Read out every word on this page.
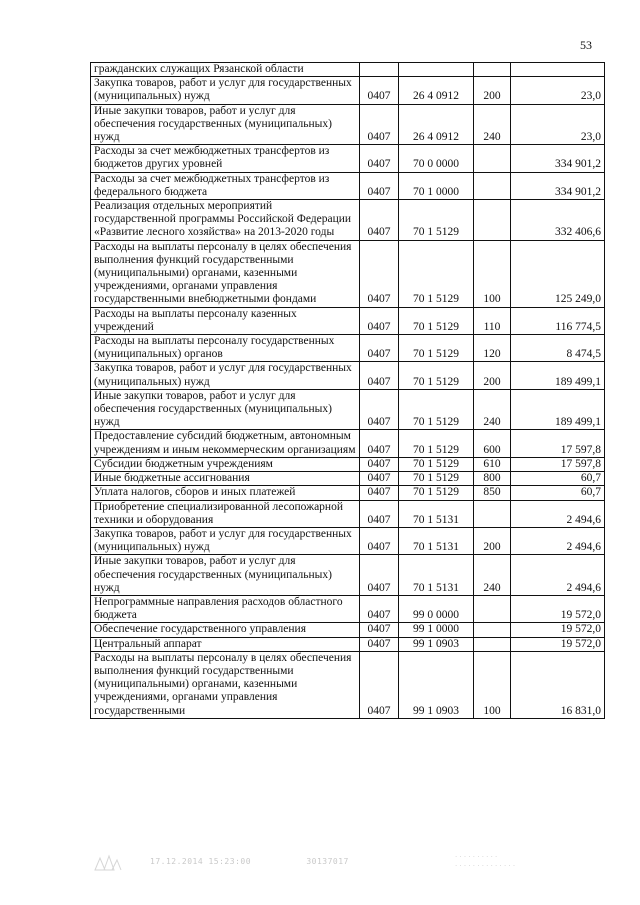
53
гражданских служащих Рязанской области				
Закупка товаров, работ и услуг для государственных (муниципальных) нужд	0407	26 4 0912	200	23,0
Иные закупки товаров, работ и услуг для обеспечения государственных (муниципальных) нужд	0407	26 4 0912	240	23,0
Расходы за счет межбюджетных трансфертов из бюджетов других уровней	0407	70 0 0000		334 901,2
Расходы за счет межбюджетных трансфертов из федерального бюджета	0407	70 1 0000		334 901,2
Реализация отдельных мероприятий государственной программы Российской Федерации «Развитие лесного хозяйства» на 2013-2020 годы	0407	70 1 5129		332 406,6
Расходы на выплаты персоналу в целях обеспечения выполнения функций государственными (муниципальными) органами, казенными учреждениями, органами управления государственными внебюджетными фондами	0407	70 1 5129	100	125 249,0
Расходы на выплаты персоналу казенных учреждений	0407	70 1 5129	110	116 774,5
Расходы на выплаты персоналу государственных (муниципальных) органов	0407	70 1 5129	120	8 474,5
Закупка товаров, работ и услуг для государственных (муниципальных) нужд	0407	70 1 5129	200	189 499,1
Иные закупки товаров, работ и услуг для обеспечения государственных (муниципальных) нужд	0407	70 1 5129	240	189 499,1
Предоставление субсидий бюджетным, автономным учреждениям и иным некоммерческим организациям	0407	70 1 5129	600	17 597,8
Субсидии бюджетным учреждениям	0407	70 1 5129	610	17 597,8
Иные бюджетные ассигнования	0407	70 1 5129	800	60,7
Уплата налогов, сборов и иных платежей	0407	70 1 5129	850	60,7
Приобретение специализированной лесопожарной техники и оборудования	0407	70 1 5131		2 494,6
Закупка товаров, работ и услуг для государственных (муниципальных) нужд	0407	70 1 5131	200	2 494,6
Иные закупки товаров, работ и услуг для обеспечения государственных (муниципальных) нужд	0407	70 1 5131	240	2 494,6
Непрограммные направления расходов областного бюджета	0407	99 0 0000		19 572,0
Обеспечение государственного управления	0407	99 1 0000		19 572,0
Центральный аппарат	0407	99 1 0903		19 572,0
Расходы на выплаты персоналу в целях обеспечения выполнения функций государственными (муниципальными) органами, казенными учреждениями, органами управления государственными	0407	99 1 0903	100	16 831,0
17.12.2014 15:23:00	30137017	· · · · · · · · · ·
· · · · · · · · · · · · · ·
